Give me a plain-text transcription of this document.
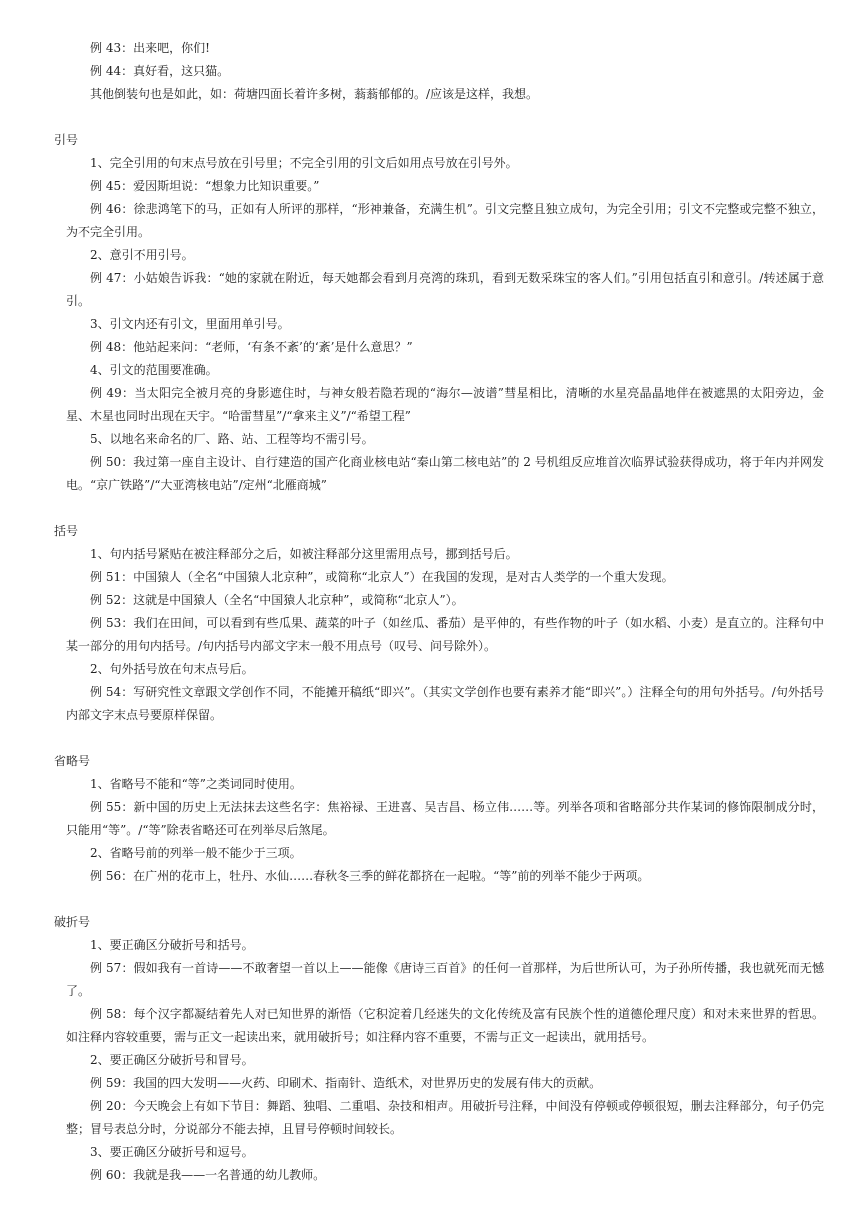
例 43：出来吧，你们!

例 44：真好看，这只猫。

其他倒装句也是如此，如：荷塘四面长着许多树，蓊蓊郁郁的。/应该是这样，我想。

引号

1、完全引用的句末点号放在引号里；不完全引用的引文后如用点号放在引号外。

例 45：爱因斯坦说：“想象力比知识重要。”

例 46：徐悲鸿笔下的马，正如有人所评的那样，“形神兼备，充满生机”。引文完整且独立成句，为完全引用；引文不完整或完整不独立，为不完全引用。

2、意引不用引号。

例 47：小姑娘告诉我：“她的家就在附近，每天她都会看到月亮湾的珠玑，看到无数采珠宝的客人们。”引用包括直引和意引。/转述属于意引。

3、引文内还有引文，里面用单引号。

例 48：他站起来问：“老师，‘有条不紊’的‘紊’是什么意思？”

4、引文的范围要准确。

例 49：当太阳完全被月亮的身影遮住时，与神女般若隐若现的“海尔—波谱”彗星相比，清晰的水星亮晶晶地伴在被遮黑的太阳旁边，金星、木星也同时出现在天宇。“哈雷彗星”/“拿来主义”/“希望工程”

5、以地名来命名的厂、路、站、工程等均不需引号。

例 50：我过第一座自主设计、自行建造的国产化商业核电站“秦山第二核电站”的 2 号机组反应堆首次临界试验获得成功，将于年内并网发电。“京广铁路”/“大亚湾核电站”/定州“北雁商城”

括号

1、句内括号紧贴在被注释部分之后，如被注释部分这里需用点号，挪到括号后。

例 51：中国猿人（全名“中国猿人北京种”，或简称“北京人”）在我国的发现，是对古人类学的一个重大发现。

例 52：这就是中国猿人（全名“中国猿人北京种”，或简称“北京人”）。

例 53：我们在田间，可以看到有些瓜果、蔬菜的叶子（如丝瓜、番茄）是平伸的，有些作物的叶子（如水稻、小麦）是直立的。注释句中某一部分的用句内括号。/句内括号内部文字末一般不用点号（叹号、问号除外）。

2、句外括号放在句末点号后。

例 54：写研究性文章跟文学创作不同，不能摊开稿纸“即兴”。（其实文学创作也要有素养才能“即兴”。）注释全句的用句外括号。/句外括号内部文字末点号要原样保留。

省略号

1、省略号不能和“等”之类词同时使用。

例 55：新中国的历史上无法抹去这些名字：焦裕禄、王进喜、吴吉昌、杨立伟……等。列举各项和省略部分共作某词的修饰限制成分时，只能用“等”。/“等”除表省略还可在列举尽后煞尾。

2、省略号前的列举一般不能少于三项。

例 56：在广州的花市上，牡丹、水仙……春秋冬三季的鲜花都挤在一起啦。“等”前的列举不能少于两项。

破折号

1、要正确区分破折号和括号。

例 57：假如我有一首诗——不敢奢望一首以上——能像《唐诗三百首》的任何一首那样，为后世所认可，为子孙所传播，我也就死而无憾了。

例 58：每个汉字都凝结着先人对已知世界的渐悟（它积淀着几经迷失的文化传统及富有民族个性的道德伦理尺度）和对未来世界的哲思。如注释内容较重要，需与正文一起读出来，就用破折号；如注释内容不重要，不需与正文一起读出，就用括号。

2、要正确区分破折号和冒号。

例 59：我国的四大发明——火药、印刷术、指南针、造纸术，对世界历史的发展有伟大的贡献。

例 20：今天晚会上有如下节目：舞蹈、独唱、二重唱、杂技和相声。用破折号注释，中间没有停顿或停顿很短，删去注释部分，句子仍完整；冒号表总分时，分说部分不能去掉，且冒号停顿时间较长。

3、要正确区分破折号和逗号。

例 60：我就是我——一名普通的幼儿教师。
